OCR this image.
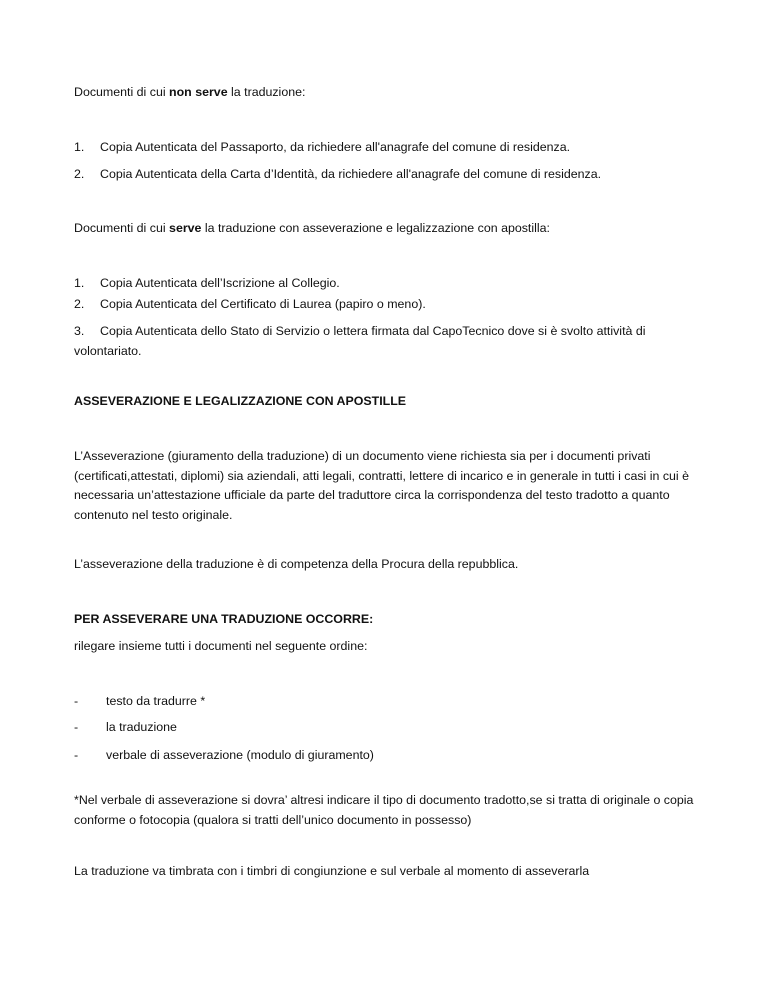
Documenti di cui non serve la traduzione:

1. Copia Autenticata del Passaporto, da richiedere all'anagrafe del comune di residenza.

2. Copia Autenticata della Carta d’Identità, da richiedere all'anagrafe del comune di residenza.

Documenti di cui serve la traduzione con asseverazione e legalizzazione con apostilla:

1. Copia Autenticata dell’Iscrizione al Collegio.

2. Copia Autenticata del Certificato di Laurea (papiro o meno).

3. Copia Autenticata dello Stato di Servizio o lettera firmata dal CapoTecnico dove si è svolto attività di volontariato.

ASSEVERAZIONE E LEGALIZZAZIONE CON APOSTILLE

L’Asseverazione (giuramento della traduzione) di un documento viene richiesta sia per i documenti privati (certificati,attestati, diplomi) sia aziendali, atti legali, contratti, lettere di incarico e in generale in tutti i casi in cui è necessaria un’attestazione ufficiale da parte del traduttore circa la corrispondenza del testo tradotto a quanto contenuto nel testo originale.

L’asseverazione della traduzione è di competenza della Procura della repubblica.

PER ASSEVERARE UNA TRADUZIONE OCCORRE:

rilegare insieme tutti i documenti nel seguente ordine:

- testo da tradurre *

- la traduzione

- verbale di asseverazione (modulo di giuramento)

*Nel verbale di asseverazione si dovra’ altresi indicare il tipo di documento tradotto,se si tratta di originale o copia conforme o fotocopia (qualora si tratti dell’unico documento in possesso)

La traduzione va timbrata con i timbri di congiunzione e sul verbale al momento di asseverarla
